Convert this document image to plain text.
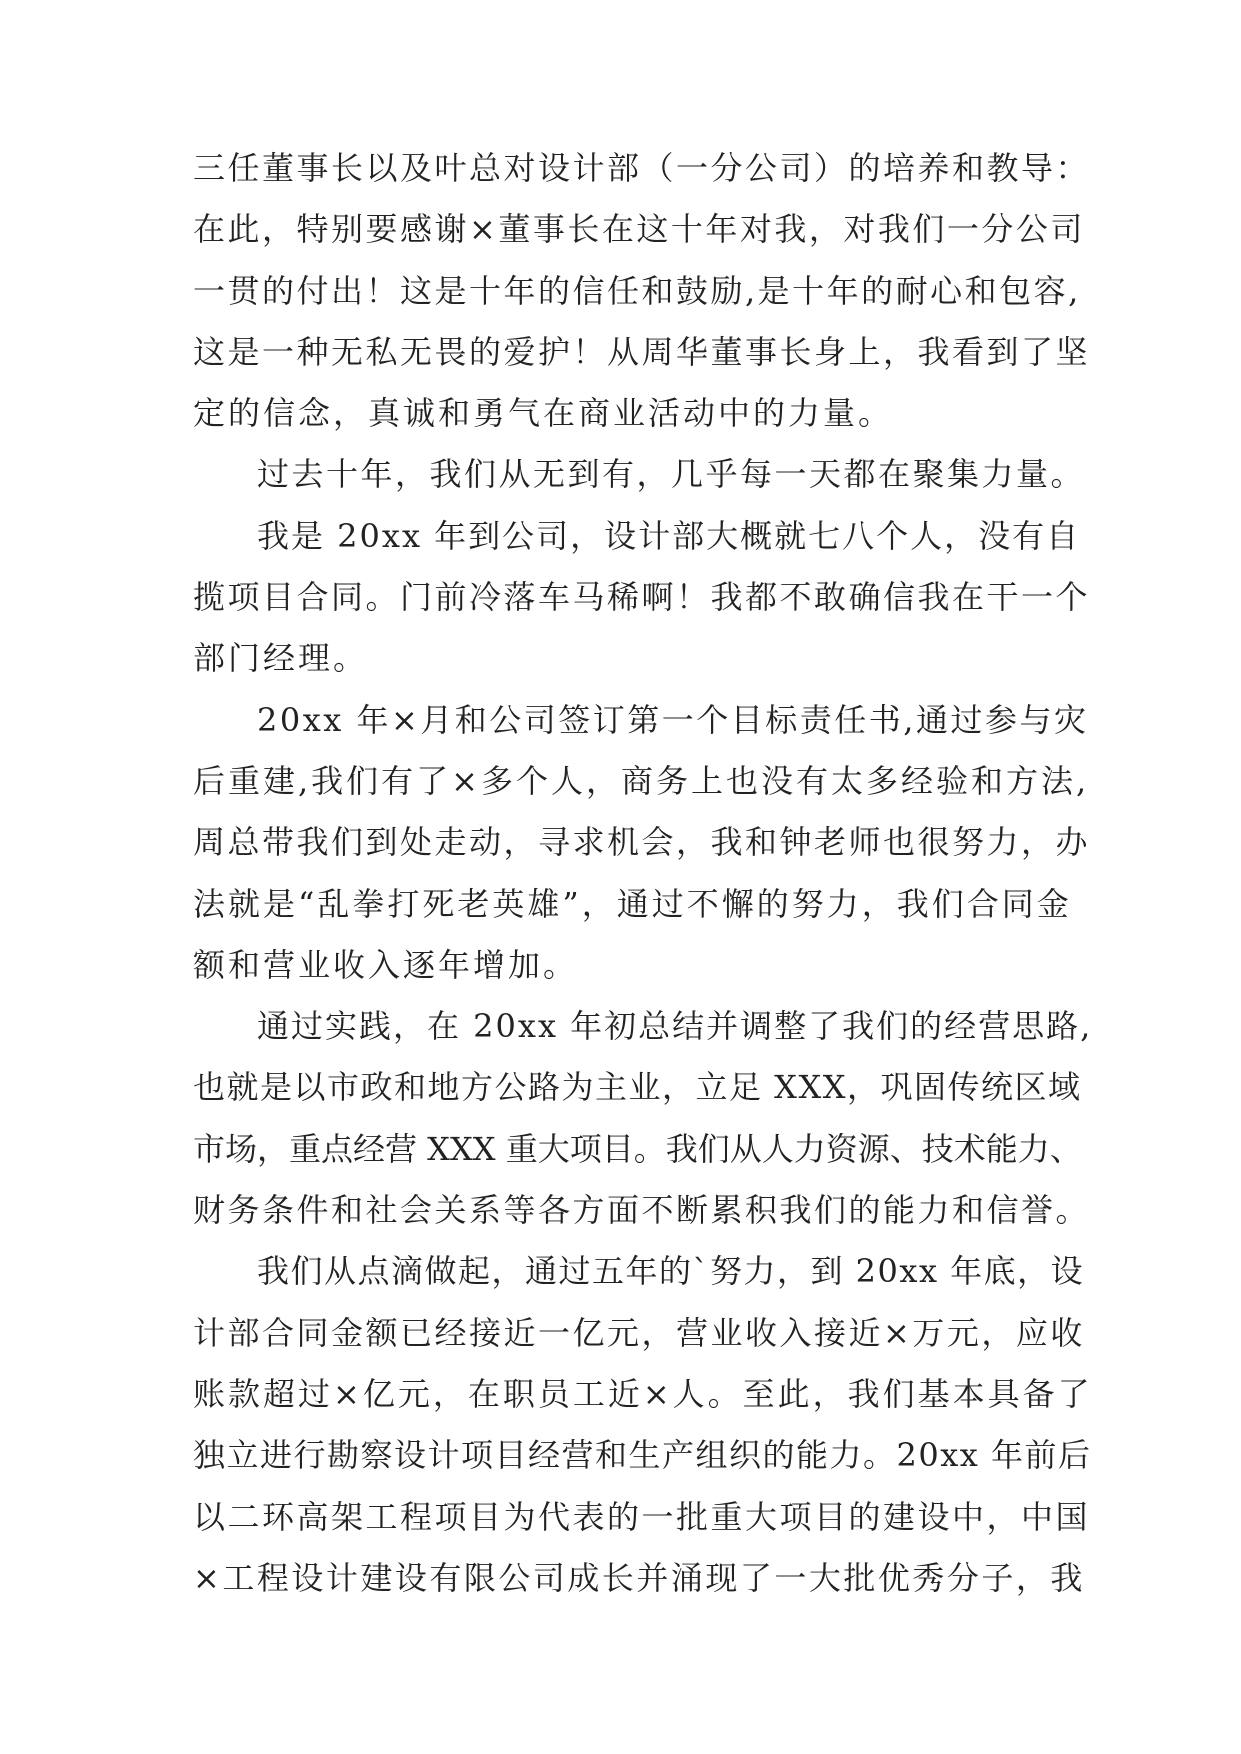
三任董事长以及叶总对设计部（一分公司）的培养和教导：
在此，特别要感谢×董事长在这十年对我，对我们一分公司
一贯的付出！这是十年的信任和鼓励,是十年的耐心和包容,
这是一种无私无畏的爱护！从周华董事长身上，我看到了坚
定的信念，真诚和勇气在商业活动中的力量。
过去十年，我们从无到有，几乎每一天都在聚集力量。
我是 20xx 年到公司，设计部大概就七八个人，没有自
揽项目合同。门前冷落车马稀啊！我都不敢确信我在干一个
部门经理。
20xx 年×月和公司签订第一个目标责任书,通过参与灾
后重建,我们有了×多个人，商务上也没有太多经验和方法,
周总带我们到处走动，寻求机会，我和钟老师也很努力，办
法就是“乱拳打死老英雄”，通过不懈的努力，我们合同金
额和营业收入逐年增加。
通过实践，在 20xx 年初总结并调整了我们的经营思路,
也就是以市政和地方公路为主业，立足 XXX，巩固传统区域
市场，重点经营 XXX 重大项目。我们从人力资源、技术能力、
财务条件和社会关系等各方面不断累积我们的能力和信誉。
我们从点滴做起，通过五年的`努力，到 20xx 年底，设
计部合同金额已经接近一亿元，营业收入接近×万元，应收
账款超过×亿元，在职员工近×人。至此，我们基本具备了
独立进行勘察设计项目经营和生产组织的能力。20xx 年前后
以二环高架工程项目为代表的一批重大项目的建设中，中国
×工程设计建设有限公司成长并涌现了一大批优秀分子，我
